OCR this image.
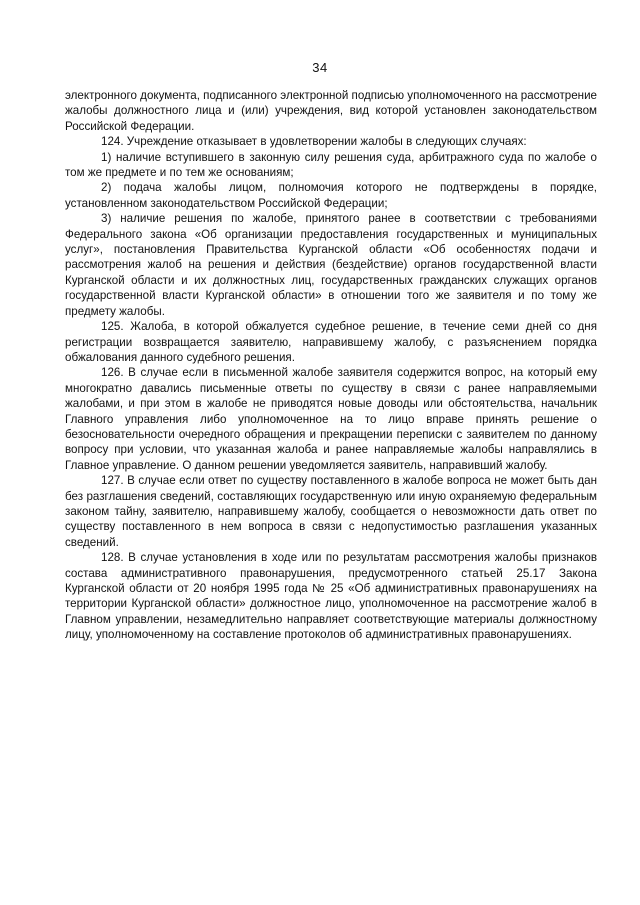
34

электронного документа, подписанного электронной подписью уполномоченного на рассмотрение жалобы должностного лица и (или) учреждения, вид которой установлен законодательством Российской Федерации.

124. Учреждение отказывает в удовлетворении жалобы в следующих случаях:

1) наличие вступившего в законную силу решения суда, арбитражного суда по жалобе о том же предмете и по тем же основаниям;

2) подача жалобы лицом, полномочия которого не подтверждены в порядке, установленном законодательством Российской Федерации;

3) наличие решения по жалобе, принятого ранее в соответствии с требованиями Федерального закона «Об организации предоставления государственных и муниципальных услуг», постановления Правительства Курганской области «Об особенностях подачи и рассмотрения жалоб на решения и действия (бездействие) органов государственной власти Курганской области и их должностных лиц, государственных гражданских служащих органов государственной власти Курганской области» в отношении того же заявителя и по тому же предмету жалобы.

125. Жалоба, в которой обжалуется судебное решение, в течение семи дней со дня регистрации возвращается заявителю, направившему жалобу, с разъяснением порядка обжалования данного судебного решения.

126. В случае если в письменной жалобе заявителя содержится вопрос, на который ему многократно давались письменные ответы по существу в связи с ранее направляемыми жалобами, и при этом в жалобе не приводятся новые доводы или обстоятельства, начальник Главного управления либо уполномоченное на то лицо вправе принять решение о безосновательности очередного обращения и прекращении переписки с заявителем по данному вопросу при условии, что указанная жалоба и ранее направляемые жалобы направлялись в Главное управление. О данном решении уведомляется заявитель, направивший жалобу.

127. В случае если ответ по существу поставленного в жалобе вопроса не может быть дан без разглашения сведений, составляющих государственную или иную охраняемую федеральным законом тайну, заявителю, направившему жалобу, сообщается о невозможности дать ответ по существу поставленного в нем вопроса в связи с недопустимостью разглашения указанных сведений.

128. В случае установления в ходе или по результатам рассмотрения жалобы признаков состава административного правонарушения, предусмотренного статьей 25.17 Закона Курганской области от 20 ноября 1995 года № 25 «Об административных правонарушениях на территории Курганской области» должностное лицо, уполномоченное на рассмотрение жалоб в Главном управлении, незамедлительно направляет соответствующие материалы должностному лицу, уполномоченному на составление протоколов об административных правонарушениях.
